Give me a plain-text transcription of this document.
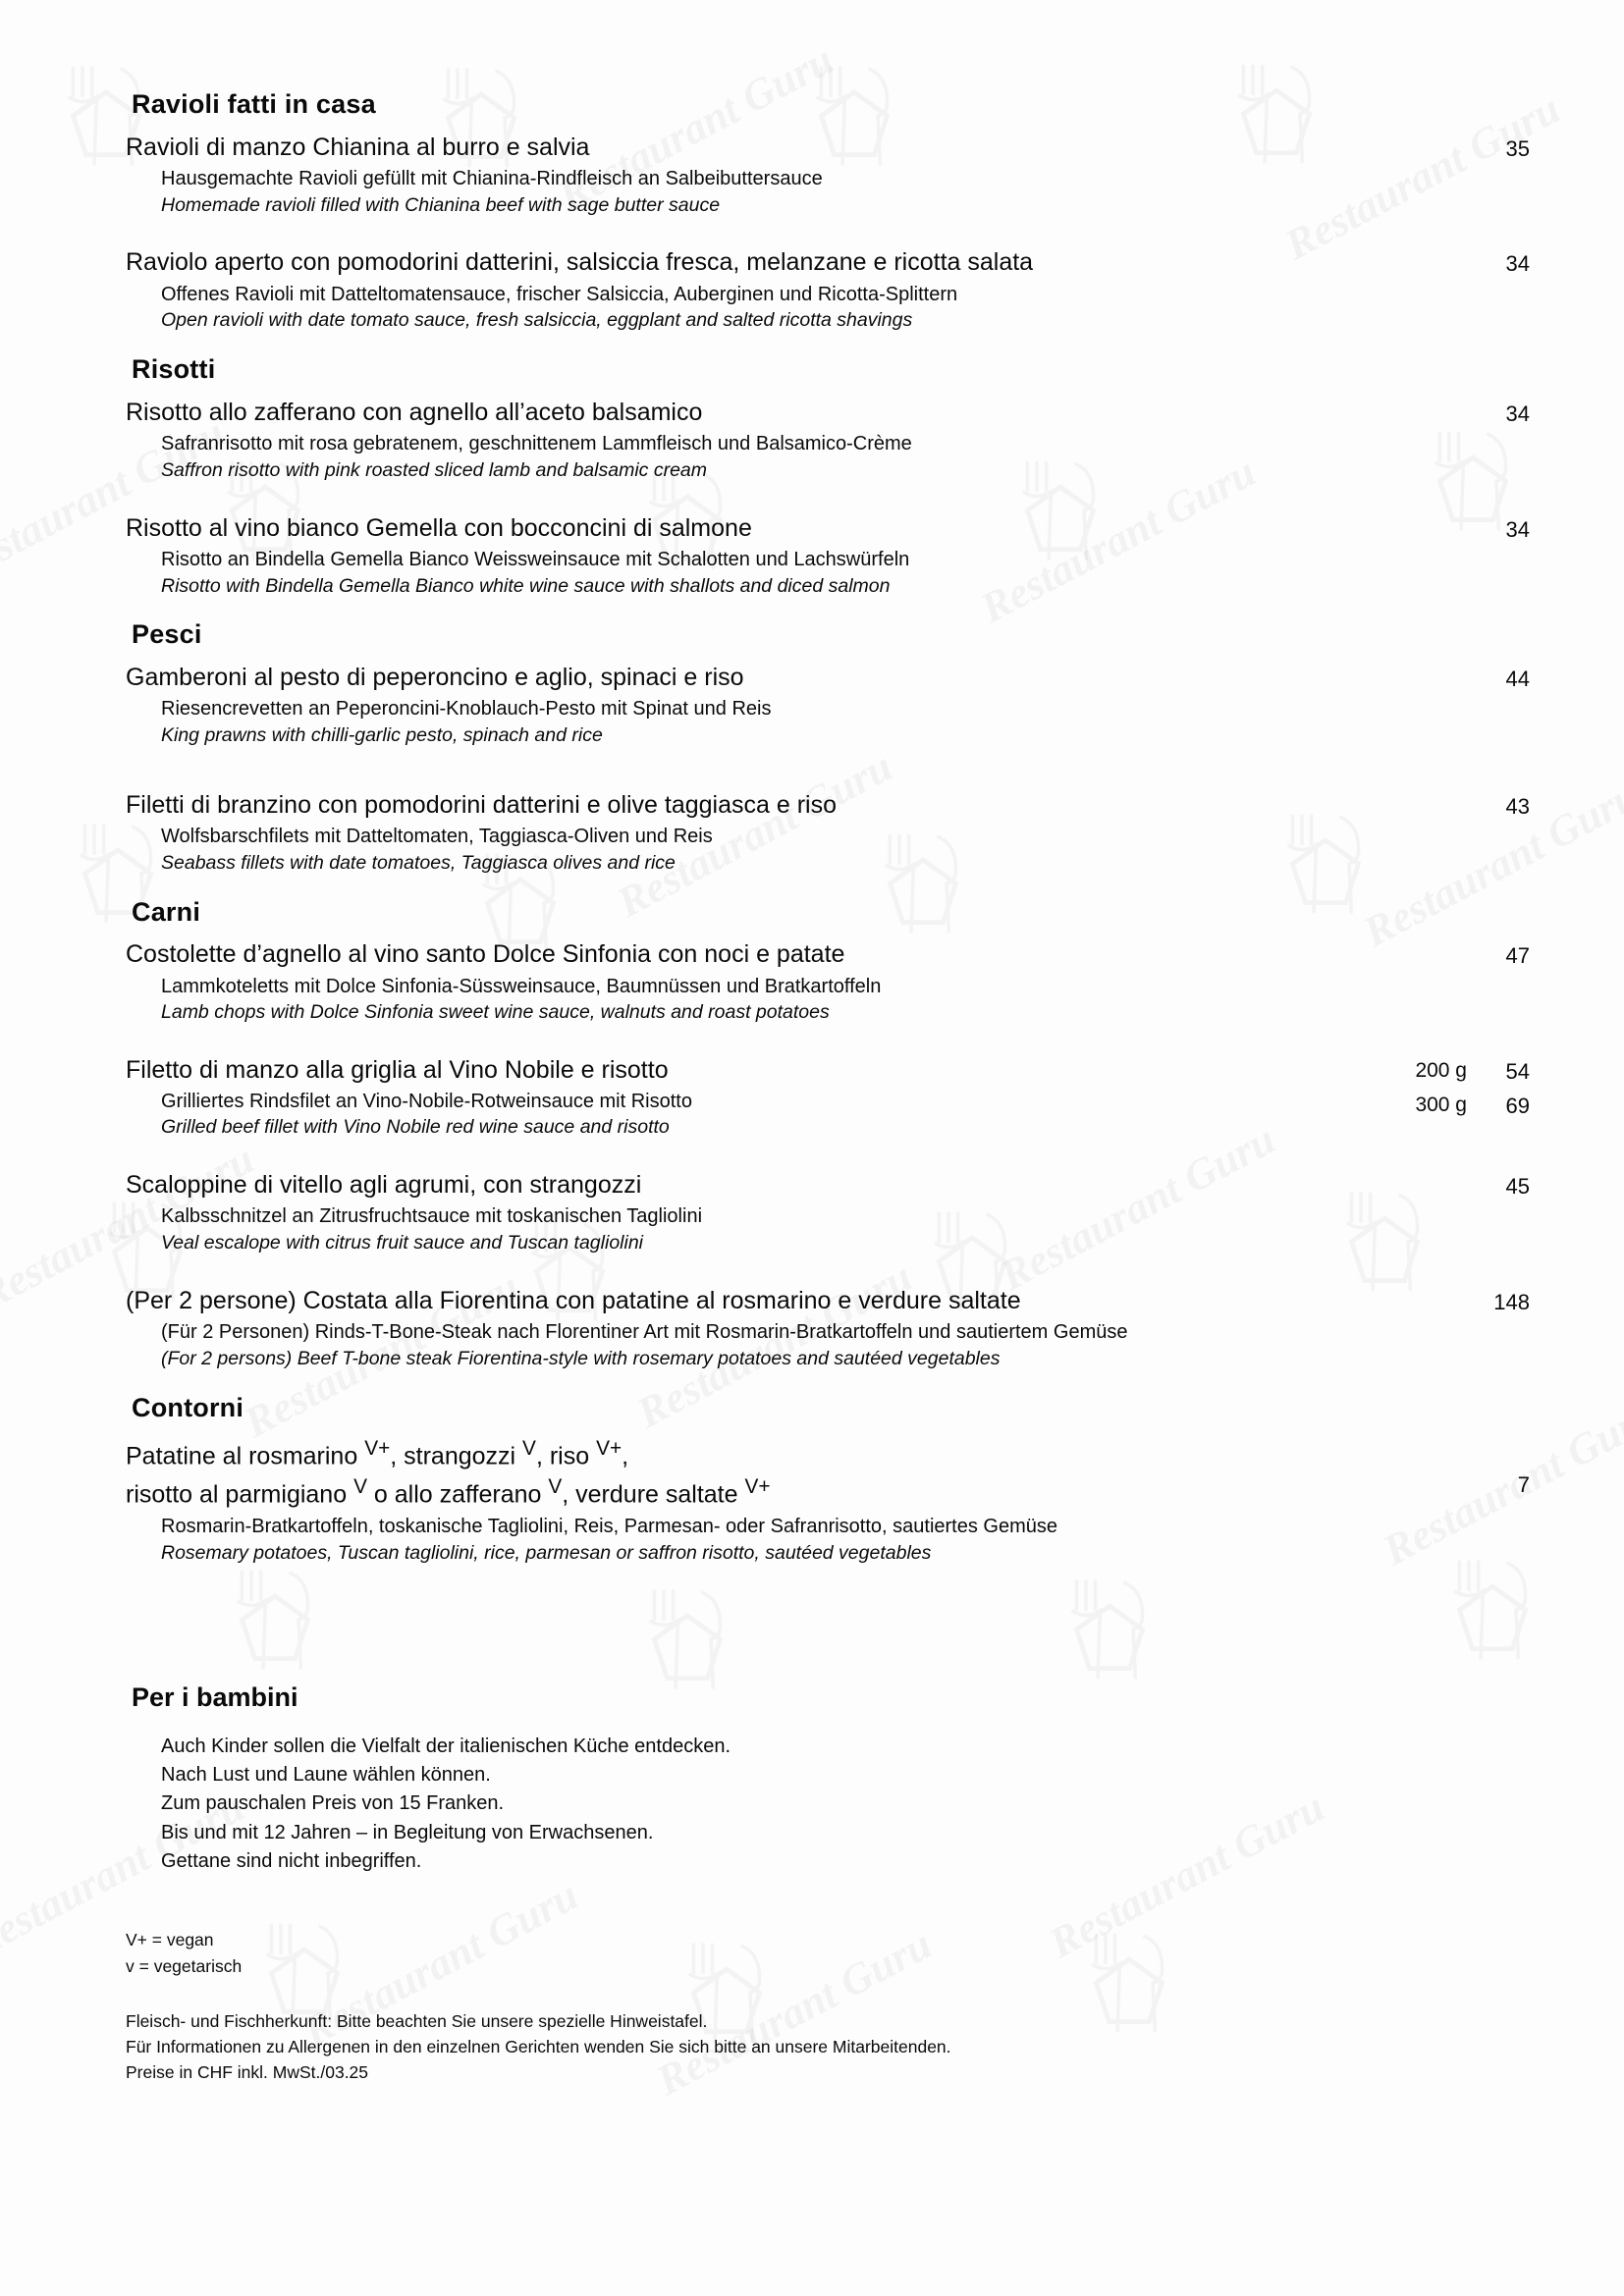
Ravioli fatti in casa
Ravioli di manzo Chianina al burro e salvia	35
Hausgemachte Ravioli gefüllt mit Chianina-Rindfleisch an Salbeibuttersauce
Homemade ravioli filled with Chianina beef with sage butter sauce
Raviolo aperto con pomodorini datterini, salsiccia fresca, melanzane e ricotta salata	34
Offenes Ravioli mit Datteltomatensauce, frischer Salsiccia, Auberginen und Ricotta-Splittern
Open ravioli with date tomato sauce, fresh salsiccia, eggplant and salted ricotta shavings
Risotti
Risotto allo zafferano con agnello all’aceto balsamico	34
Safranrisotto mit rosa gebratenem, geschnittenem Lammfleisch und Balsamico-Crème
Saffron risotto with pink roasted sliced lamb and balsamic cream
Risotto al vino bianco Gemella con bocconcini di salmone	34
Risotto an Bindella Gemella Bianco Weissweinsauce mit Schalotten und Lachswürfeln
Risotto with Bindella Gemella Bianco white wine sauce with shallots and diced salmon
Pesci
Gamberoni al pesto di peperoncino e aglio, spinaci e riso	44
Riesencrevetten an Peperoncini-Knoblauch-Pesto mit Spinat und Reis
King prawns with chilli-garlic pesto, spinach and rice
Filetti di branzino con pomodorini datterini e olive taggiasca e riso	43
Wolfsbarschfilets mit Datteltomaten, Taggiasca-Oliven und Reis
Seabass fillets with date tomatoes, Taggiasca olives and rice
Carni
Costolette d’agnello al vino santo Dolce Sinfonia con noci e patate	47
Lammkoteletts mit Dolce Sinfonia-Süssweinsauce, Baumnüssen und Bratkartoffeln
Lamb chops with Dolce Sinfonia sweet wine sauce, walnuts and roast potatoes
Filetto di manzo alla griglia al Vino Nobile e risotto
Grilliertes Rindsfilet an Vino-Nobile-Rotweinsauce mit Risotto
Grilled beef fillet with Vino Nobile red wine sauce and risotto
200 g	54
300 g	69
Scaloppine di vitello agli agrumi, con strangozzi	45
Kalbsschnitzel an Zitrusfruchtsauce mit toskanischen Tagliolini
Veal escalope with citrus fruit sauce and Tuscan tagliolini
(Per 2 persone) Costata alla Fiorentina con patatine al rosmarino e verdure saltate	148
(Für 2 Personen) Rinds-T-Bone-Steak nach Florentiner Art mit Rosmarin-Bratkartoffeln und sautiertem Gemüse
(For 2 persons) Beef T-bone steak Fiorentina-style with rosemary potatoes and sautéed vegetables
Contorni
Patatine al rosmarino $^{V+}$, strangozzi $^V$, riso $^{V+}$,
risotto al parmigiano $^V$ o allo zafferano $^V$, verdure saltate $^{V+}$	7
Rosmarin-Bratkartoffeln, toskanische Tagliolini, Reis, Parmesan- oder Safranrisotto, sautiertes Gemüse
Rosemary potatoes, Tuscan tagliolini, rice, parmesan or saffron risotto, sautéed vegetables
Per i bambini
Auch Kinder sollen die Vielfalt der italienischen Küche entdecken.
Nach Lust und Laune wählen können.
Zum pauschalen Preis von 15 Franken.
Bis und mit 12 Jahren – in Begleitung von Erwachsenen.
Gettane sind nicht inbegriffen.
V+ = vegan
v = vegetarisch
Fleisch- und Fischherkunft: Bitte beachten Sie unsere spezielle Hinweistafel.
Für Informationen zu Allergenen in den einzelnen Gerichten wenden Sie sich bitte an unsere Mitarbeitenden.
Preise in CHF inkl. MwSt./03.25
